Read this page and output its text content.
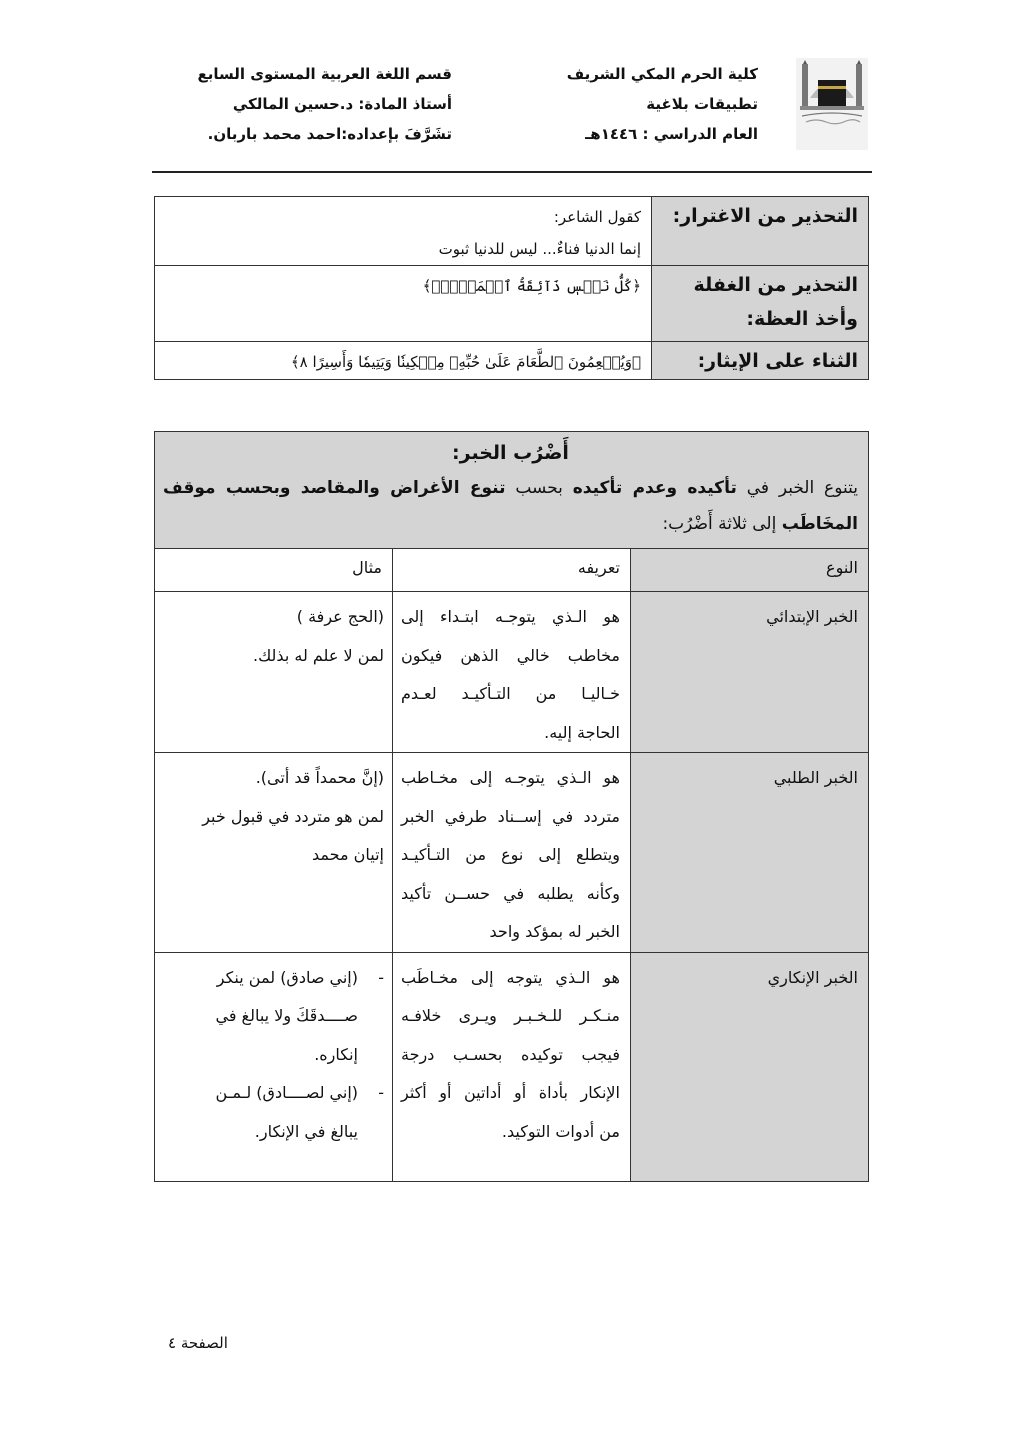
كلية الحرم المكي الشريف
تطبيقات بلاغية
العام الدراسي : ١٤٤٦هـ
قسم اللغة العربية المستوى السابع
أستاذ المادة: د.حسين المالكي
تشَرَّفَ بإعداده:احمد محمد باربان.
التحذير من الاغترار:	كقول الشاعر:
إنما الدنيا فناءٌ... ليس للدنيا ثبوت

التحذير من الغفلة
وأخذ العظة:	﴿كُلُّ نَفۡسٖ ذَآئِقَةُ ٱلۡمَوۡتِۗ﴾

الثناء على الإيثار:	﴿وَيُطۡعِمُونَ ٱلطَّعَامَ عَلَىٰ حُبِّهِۦ مِسۡكِينٗا وَيَتِيمٗا وَأَسِيرًا ٨﴾
أَضْرُب الخبر:
يتنوع الخبر في تأكيده وعدم تأكيده بحسب تنوع الأغراض والمقاصد وبحسب موقف المخَاطَب إلى ثلاثة أَضْرُب:		

النوع	تعريفه	مثال

الخبر الإبتدائي	هو الـذي يتوجـه ابتـداء إلى
مخاطب خالي الذهن فيكون
خـاليـا من التـأكيـد لعـدم
الحاجة إليه.	(الحج عرفة )
لمن لا علم له بذلك.

الخبر الطلبي	هو الـذي يتوجـه إلى مخـاطب
متردد في إســناد طرفي الخبر
ويتطلع إلى نوع من التـأكيـد
وكأنه يطلبه في حســن تأكيد
الخبر له بمؤكد واحد	(إنَّ محمداً قد أتى).
لمن هو متردد في قبول خبر
إتيان محمد

الخبر الإنكاري	هو الـذي يتوجه إلى مخـاطَب
منـكـر للـخـبـر ويـرى خلافـه
فيجب توكيده بحسـب درجة
الإنكار بأداة أو أداتين أو أكثر
من أدوات التوكيد.	-(إني صادق) لمن ينكر
صــــدقَكَ ولا يبالغ في
إنكاره.
-(إني لصــــادق) لـمـن
يبالغ في الإنكار.
الصفحة ٤
